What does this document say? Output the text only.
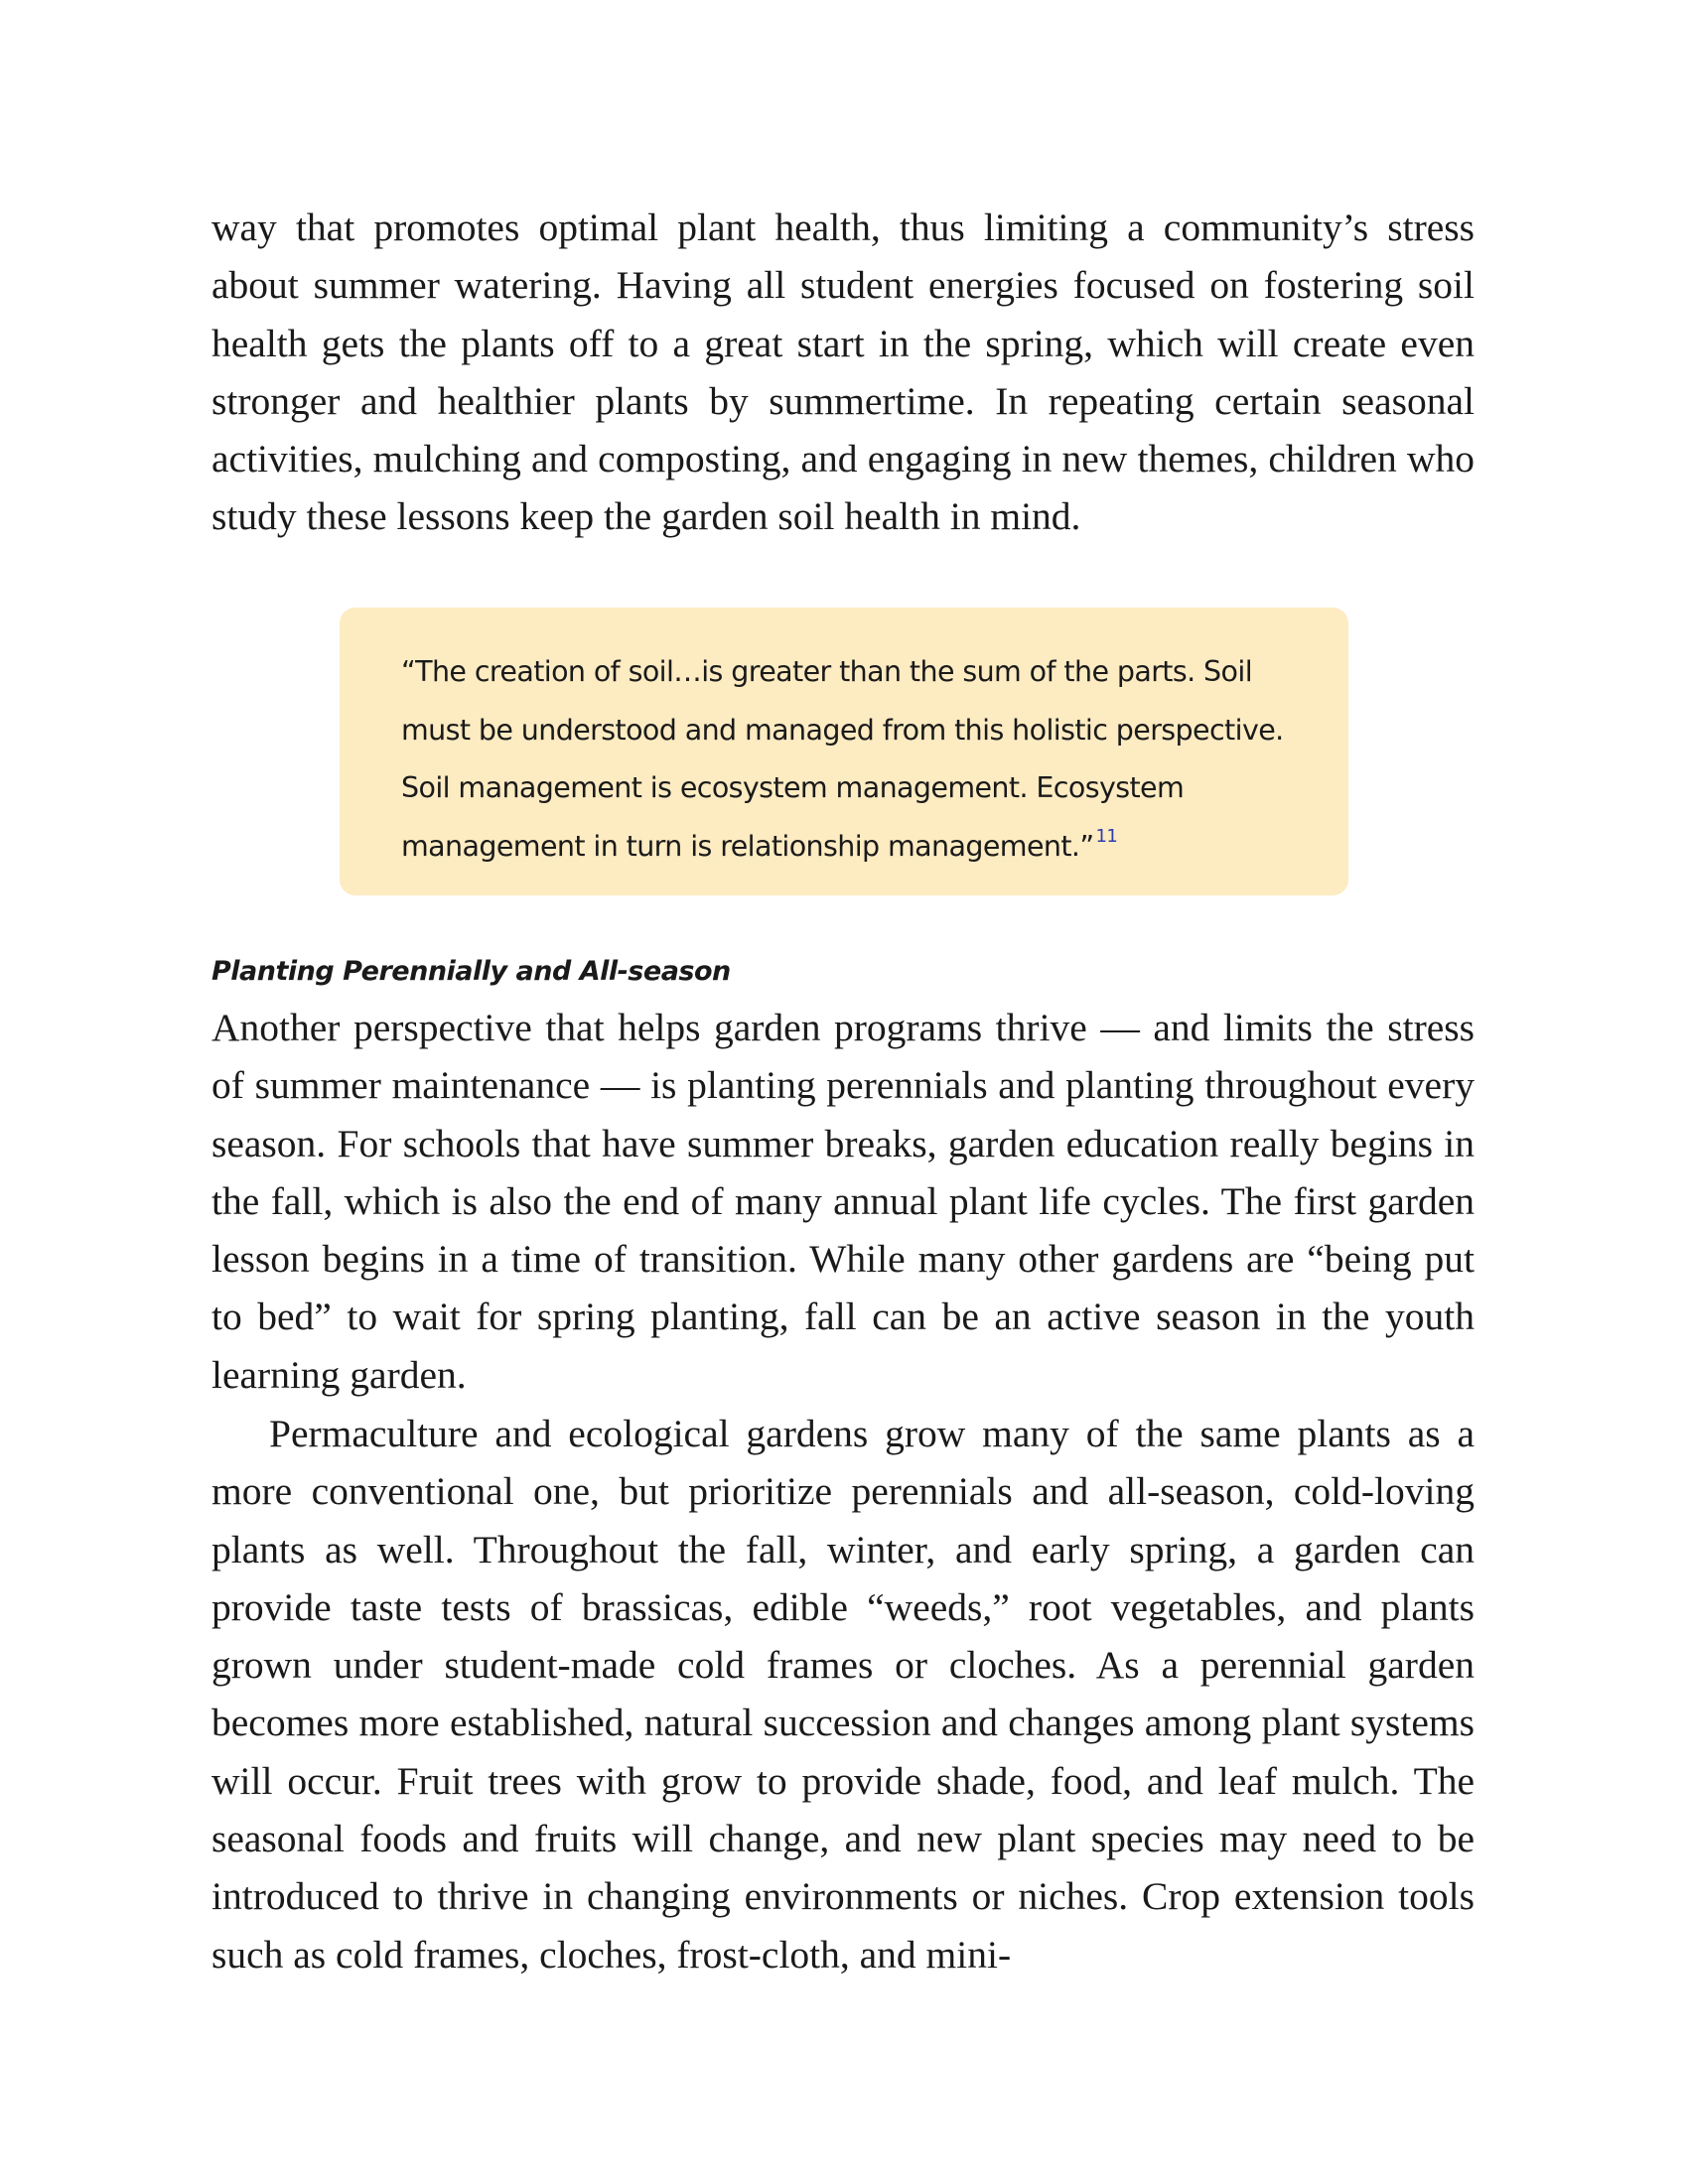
way that promotes optimal plant health, thus limiting a community’s stress about summer watering. Having all student energies focused on fostering soil health gets the plants off to a great start in the spring, which will create even stronger and healthier plants by summertime. In repeating certain seasonal activities, mulching and composting, and engaging in new themes, children who study these lessons keep the garden soil health in mind.

“The creation of soil…is greater than the sum of the parts. Soil must be understood and managed from this holistic perspective. Soil management is ecosystem management. Ecosystem management in turn is relationship management.” $^{11}$

Planting Perennially and All-season

Another perspective that helps garden programs thrive — and limits the stress of summer maintenance — is planting perennials and planting throughout every season. For schools that have summer breaks, garden education really begins in the fall, which is also the end of many annual plant life cycles. The first garden lesson begins in a time of transition. While many other gardens are “being put to bed” to wait for spring planting, fall can be an active season in the youth learning garden.

Permaculture and ecological gardens grow many of the same plants as a more conventional one, but prioritize perennials and all-season, cold-loving plants as well. Throughout the fall, winter, and early spring, a garden can provide taste tests of brassicas, edible “weeds,” root vegetables, and plants grown under student-made cold frames or cloches. As a perennial garden becomes more established, natural succession and changes among plant systems will occur. Fruit trees with grow to provide shade, food, and leaf mulch. The seasonal foods and fruits will change, and new plant species may need to be introduced to thrive in changing environments or niches. Crop extension tools such as cold frames, cloches, frost-cloth, and mini-
